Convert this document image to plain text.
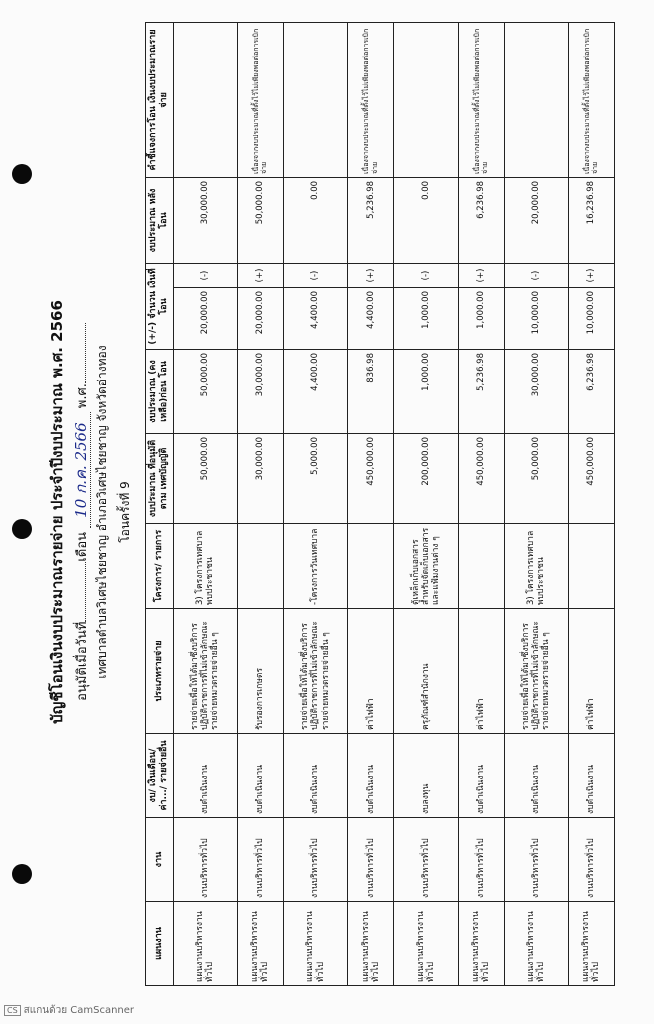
บัญชีโอนเงินงบประมาณรายจ่าย ประจำปีงบประมาณ พ.ศ. 2566 อนุมัติเมื่อวันที่เดือน 10 ก.ค. 2566 พ.ศ. เทศบาลตำบลวิเศษไชยชาญ อำเภอวิเศษไชยชาญ จังหวัดอ่างทอง โอนครั้งที่ 9
แผนงาน	งาน	งบ/ เงินเดือน/ ค่า.../ รายจ่ายอื่น	ประเภทรายจ่าย	โครงการ/ รายการ	งบประมาณ ที่อนุมัติตาม เทศบัญญัติ	งบประมาณ (คงเหลือ)ก่อน โอน	(+/-) จำนวน เงินที่โอน		งบประมาณ หลังโอน	คำชี้แจงการโอน เงินงบประมาณรายจ่าย
แผนงานบริหารงานทั่วไป	งานบริหารทั่วไป	งบดำเนินงาน	รายจ่ายเพื่อให้ได้มาซึ่งบริการ ปฏิบัติราชการที่ไม่เข้าลักษณะรายจ่ายหมวดรายจ่ายอื่น ๆ	3) โครงการเทศบาลพบประชาชน	50,000.00	50,000.00	20,000.00	(-)	30,000.00	
แผนงานบริหารงานทั่วไป	งานบริหารทั่วไป	งบดำเนินงาน	รับรองการเกษตร		30,000.00	30,000.00	20,000.00	(+)	50,000.00	เนื่องจากงบประมาณที่ตั้งไว้ไม่เพียงพอต่อการเบิกจ่าย
แผนงานบริหารงานทั่วไป	งานบริหารทั่วไป	งบดำเนินงาน	รายจ่ายเพื่อให้ได้มาซึ่งบริการ ปฏิบัติราชการที่ไม่เข้าลักษณะรายจ่ายหมวดรายจ่ายอื่น ๆ	-โครงการวันเทศบาล	5,000.00	4,400.00	4,400.00	(-)	0.00	
แผนงานบริหารงานทั่วไป	งานบริหารทั่วไป	งบดำเนินงาน	ค่าไฟฟ้า		450,000.00	836.98	4,400.00	(+)	5,236.98	เนื่องจากงบประมาณที่ตั้งไว้ไม่เพียงพอต่อการเบิกจ่าย
แผนงานบริหารงานทั่วไป	งานบริหารทั่วไป	งบลงทุน	ครุภัณฑ์สำนักงาน	ตู้เหล็กเก็บเอกสาร สำหรับจัดเก็บเอกสารและแฟ้มงานต่าง ๆ	200,000.00	1,000.00	1,000.00	(-)	0.00	
แผนงานบริหารงานทั่วไป	งานบริหารทั่วไป	งบดำเนินงาน	ค่าไฟฟ้า		450,000.00	5,236.98	1,000.00	(+)	6,236.98	เนื่องจากงบประมาณที่ตั้งไว้ไม่เพียงพอต่อการเบิกจ่าย
แผนงานบริหารงานทั่วไป	งานบริหารทั่วไป	งบดำเนินงาน	รายจ่ายเพื่อให้ได้มาซึ่งบริการ ปฏิบัติราชการที่ไม่เข้าลักษณะรายจ่ายหมวดรายจ่ายอื่น ๆ	3) โครงการเทศบาลพบประชาชน	50,000.00	30,000.00	10,000.00	(-)	20,000.00	
แผนงานบริหารงานทั่วไป	งานบริหารทั่วไป	งบดำเนินงาน	ค่าไฟฟ้า		450,000.00	6,236.98	10,000.00	(+)	16,236.98	เนื่องจากงบประมาณที่ตั้งไว้ไม่เพียงพอต่อการเบิกจ่าย
CS สแกนด้วย CamScanner
